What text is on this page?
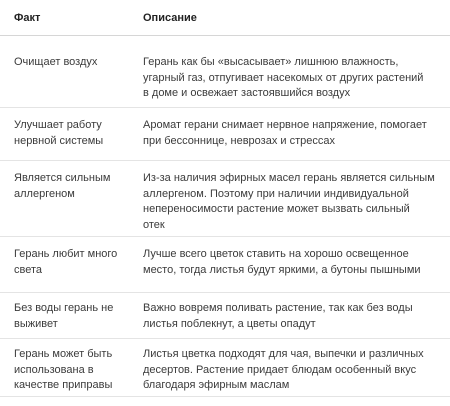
Факт	Описание
Очищает воздух	Герань как бы «высасывает» лишнюю влажность,
угарный газ, отпугивает насекомых от других растений
в доме и освежает застоявшийся воздух
Улучшает работу
нервной системы
Аромат герани снимает нервное напряжение, помогает
при бессоннице, неврозах и стрессах
Является сильным
аллергеном
Из-за наличия эфирных масел герань является сильным
аллергеном. Поэтому при наличии индивидуальной
непереносимости растение может вызвать сильный
отек
Герань любит много
света
Лучше всего цветок ставить на хорошо освещенное
место, тогда листья будут яркими, а бутоны пышными
Без воды герань не
выживет
Важно вовремя поливать растение, так как без воды
листья поблекнут, а цветы опадут
Герань может быть
использована в
качестве приправы
Листья цветка подходят для чая, выпечки и различных
десертов. Растение придает блюдам особенный вкус
благодаря эфирным маслам
